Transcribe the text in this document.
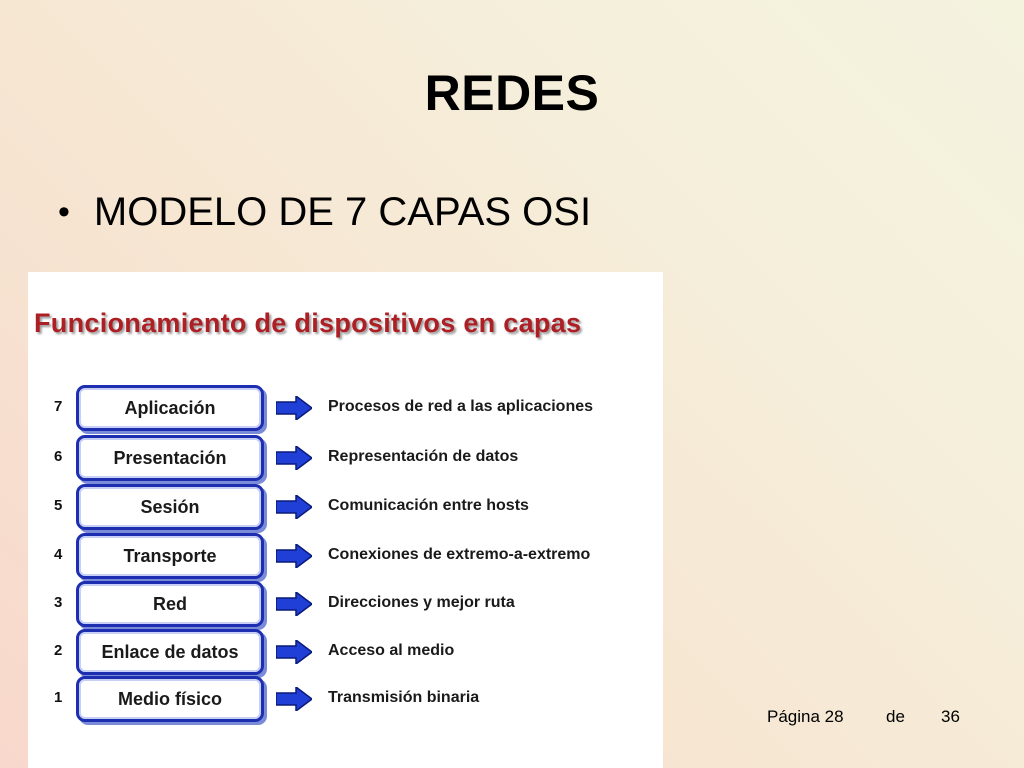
REDES
• MODELO DE 7 CAPAS OSI
Funcionamiento de dispositivos en capas
7	Aplicación	Procesos de red a las aplicaciones
6	Presentación	Representación de datos
5	Sesión	Comunicación entre hosts
4	Transporte	Conexiones de extremo-a-extremo
3	Red	Direcciones y mejor ruta
2	Enlace de datos	Acceso al medio
1	Medio físico	Transmisión binaria
Página 28 de 36
